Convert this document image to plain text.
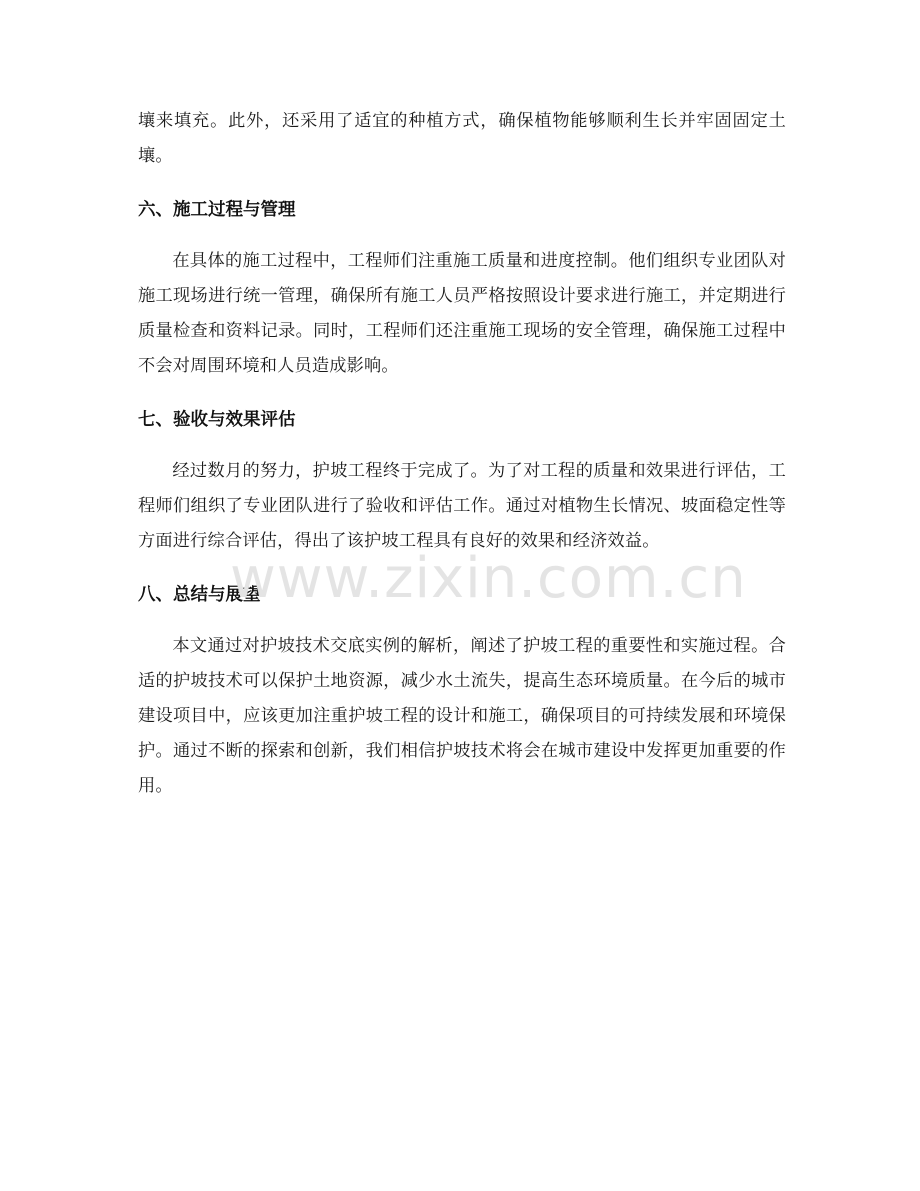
壤来填充。此外，还采用了适宜的种植方式，确保植物能够顺利生长并牢固固定土壤。

六、施工过程与管理

在具体的施工过程中，工程师们注重施工质量和进度控制。他们组织专业团队对施工现场进行统一管理，确保所有施工人员严格按照设计要求进行施工，并定期进行质量检查和资料记录。同时，工程师们还注重施工现场的安全管理，确保施工过程中不会对周围环境和人员造成影响。

七、验收与效果评估

经过数月的努力，护坡工程终于完成了。为了对工程的质量和效果进行评估，工程师们组织了专业团队进行了验收和评估工作。通过对植物生长情况、坡面稳定性等方面进行综合评估，得出了该护坡工程具有良好的效果和经济效益。

八、总结与展望

本文通过对护坡技术交底实例的解析，阐述了护坡工程的重要性和实施过程。合适的护坡技术可以保护土地资源，减少水土流失，提高生态环境质量。在今后的城市建设项目中，应该更加注重护坡工程的设计和施工，确保项目的可持续发展和环境保护。通过不断的探索和创新，我们相信护坡技术将会在城市建设中发挥更加重要的作用。

www.zixin.com.cn
